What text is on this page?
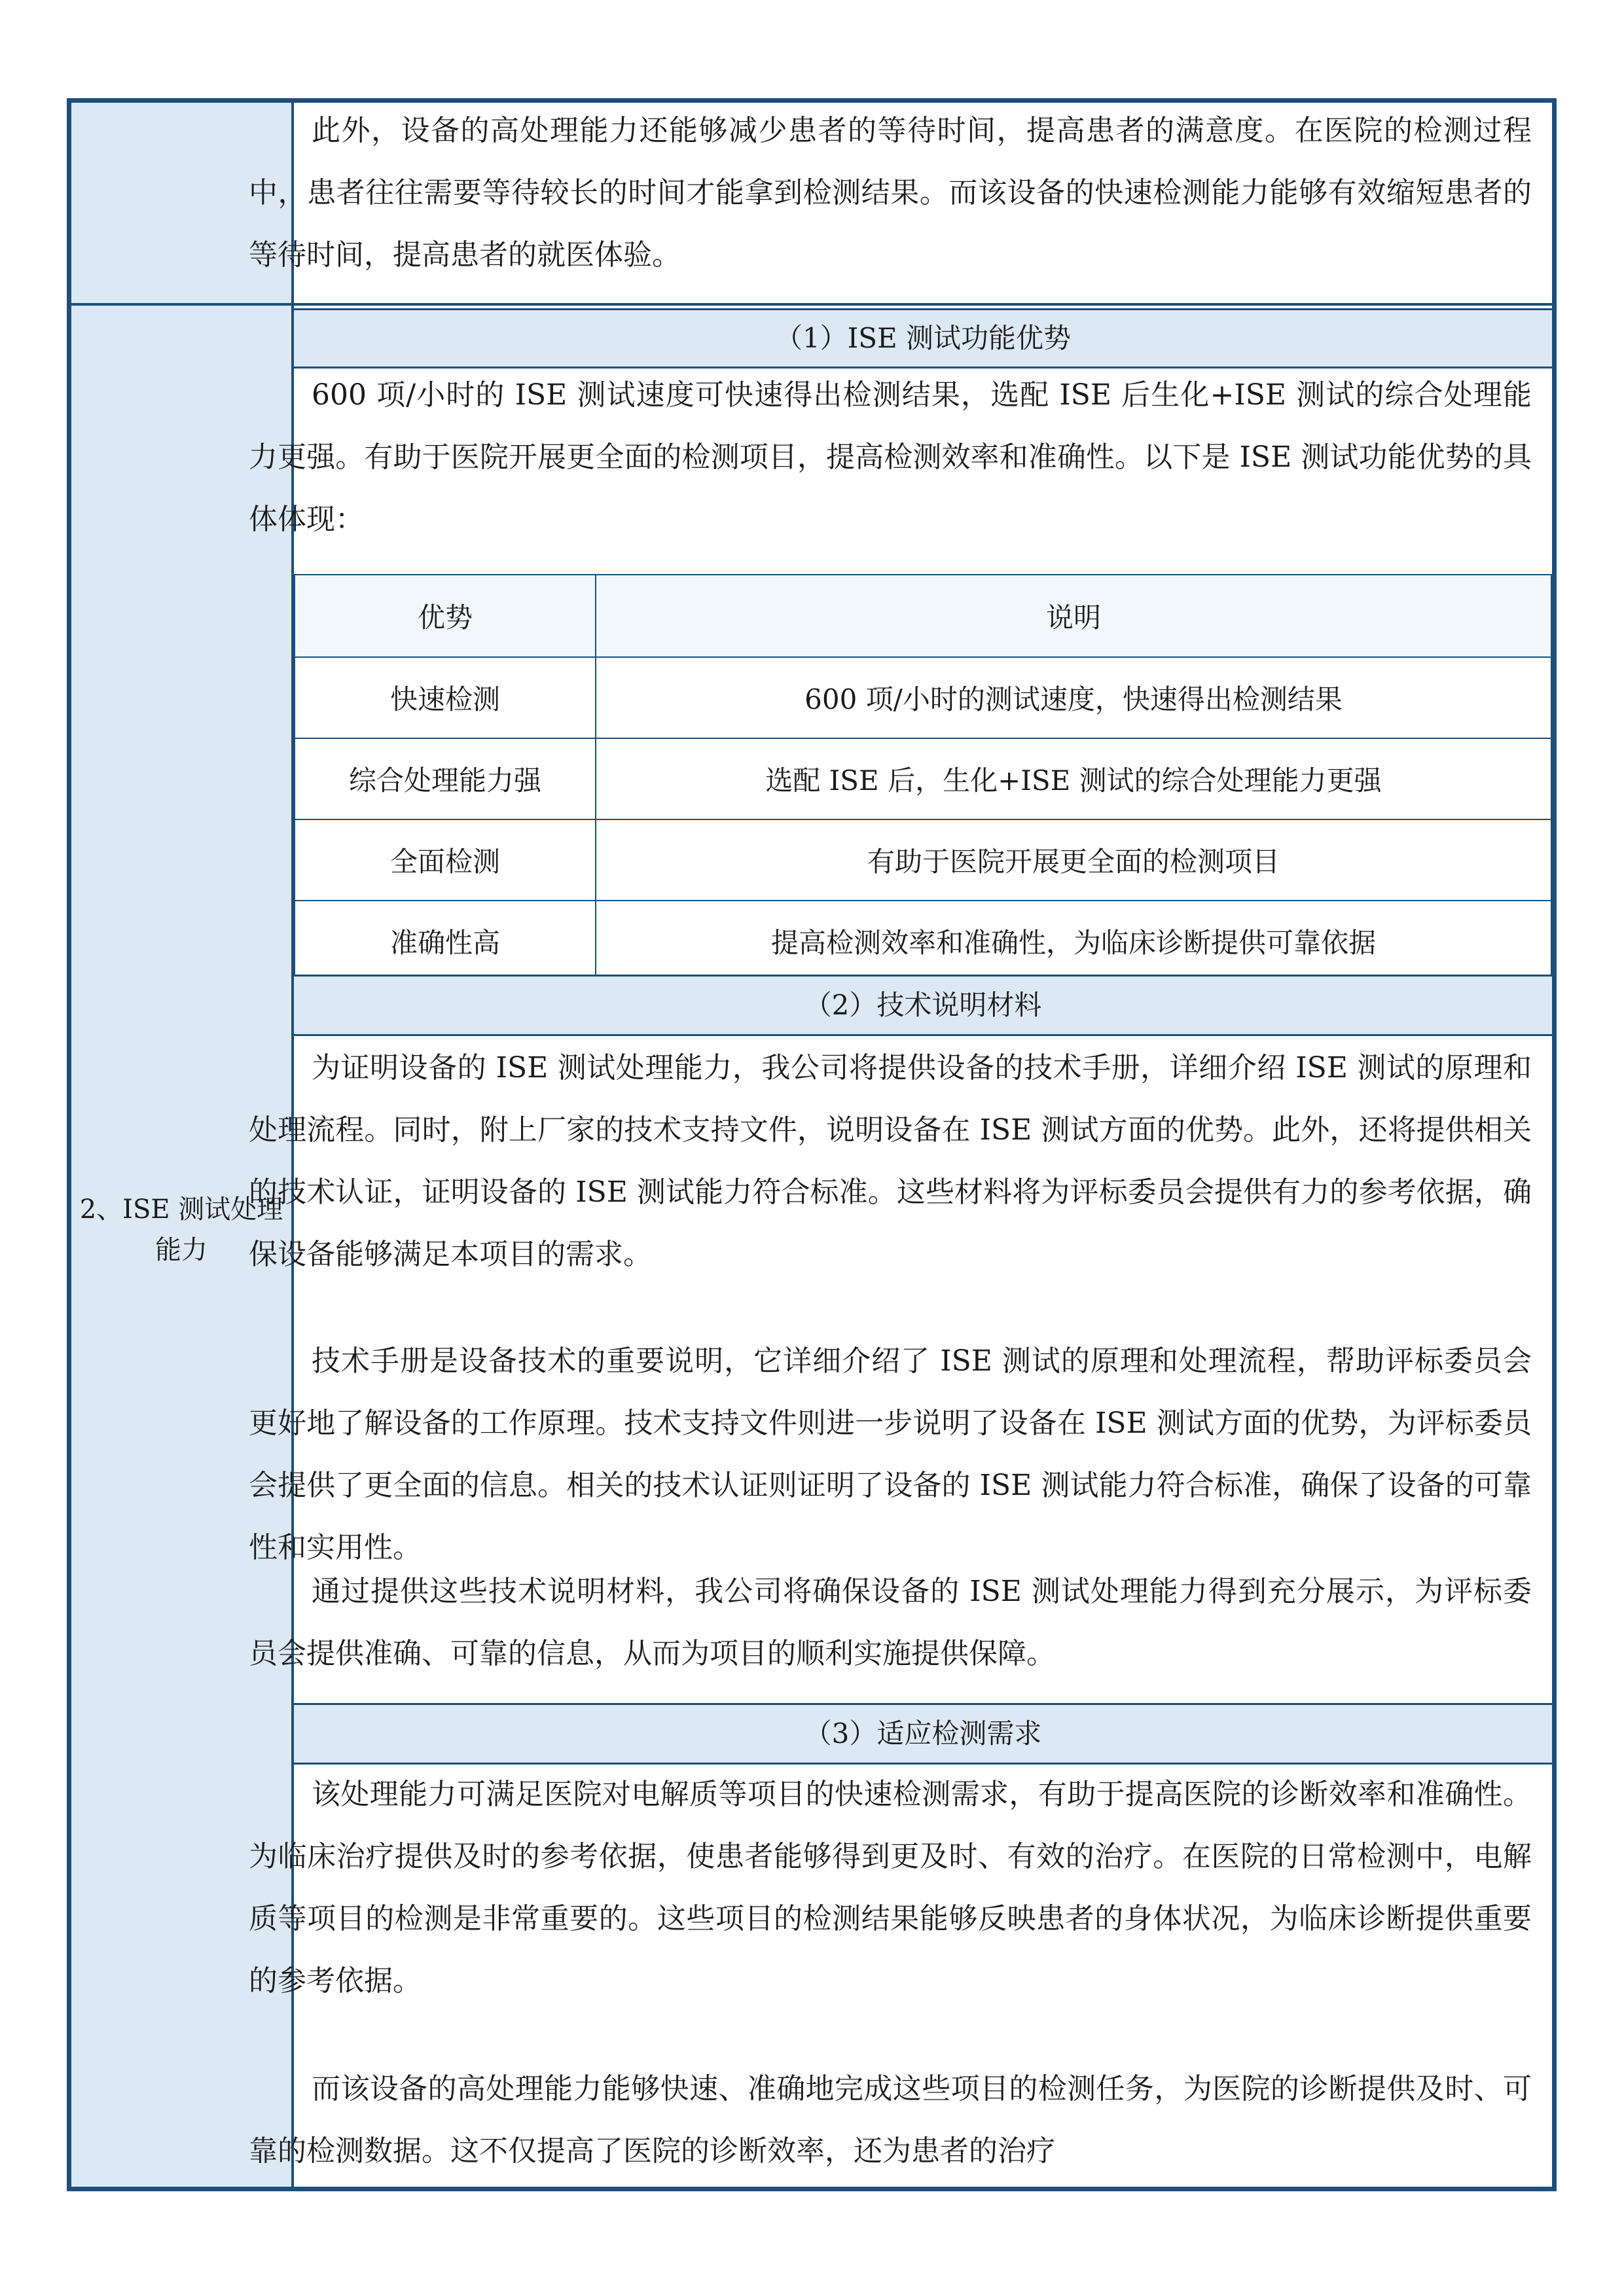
2、ISE 测试处理能力
（1）ISE 测试功能优势
优势	说明
快速检测	600 项/小时的测试速度，快速得出检测结果
综合处理能力强	选配 ISE 后，生化+ISE 测试的综合处理能力更强
全面检测	有助于医院开展更全面的检测项目
准确性高	提高检测效率和准确性，为临床诊断提供可靠依据
（2）技术说明材料
（3）适应检测需求

此外，设备的高处理能力还能够减少患者的等待时间，提高患者的满意度。在医院的检测过程中，患者往往需要等待较长的时间才能拿到检测结果。而该设备的快速检测能力能够有效缩短患者的等待时间，提高患者的就医体验。

600 项/小时的 ISE 测试速度可快速得出检测结果，选配 ISE 后生化+ISE 测试的综合处理能力更强。有助于医院开展更全面的检测项目，提高检测效率和准确性。以下是 ISE 测试功能优势的具体体现：

为证明设备的 ISE 测试处理能力，我公司将提供设备的技术手册，详细介绍 ISE 测试的原理和处理流程。同时，附上厂家的技术支持文件，说明设备在 ISE 测试方面的优势。此外，还将提供相关的技术认证，证明设备的 ISE 测试能力符合标准。这些材料将为评标委员会提供有力的参考依据，确保设备能够满足本项目的需求。

技术手册是设备技术的重要说明，它详细介绍了 ISE 测试的原理和处理流程，帮助评标委员会更好地了解设备的工作原理。技术支持文件则进一步说明了设备在 ISE 测试方面的优势，为评标委员会提供了更全面的信息。相关的技术认证则证明了设备的 ISE 测试能力符合标准，确保了设备的可靠性和实用性。

通过提供这些技术说明材料，我公司将确保设备的 ISE 测试处理能力得到充分展示，为评标委员会提供准确、可靠的信息，从而为项目的顺利实施提供保障。

该处理能力可满足医院对电解质等项目的快速检测需求，有助于提高医院的诊断效率和准确性。为临床治疗提供及时的参考依据，使患者能够得到更及时、有效的治疗。在医院的日常检测中，电解质等项目的检测是非常重要的。这些项目的检测结果能够反映患者的身体状况，为临床诊断提供重要的参考依据。

而该设备的高处理能力能够快速、准确地完成这些项目的检测任务，为医院的诊断提供及时、可靠的检测数据。这不仅提高了医院的诊断效率，还为患者的治疗
